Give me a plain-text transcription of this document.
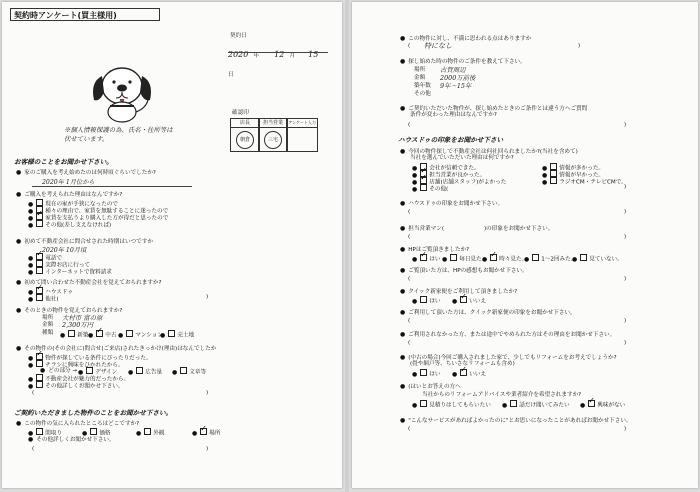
契約時アンケート(買主様用)
契約日
2020 年 12 月 15 日
※個人情報保護の為、氏名・住所等は伏せています。
確認印
店長
朝倉
担当営業
三宅
アンケート入力
お客様のことをお聞かせ下さい。
● 家のご購入を考え始めたのは何時頃ぐらいでしたか?
2020年 1月位から
● ご購入を考えられた理由はなんですか?
● 現在の家が手狭になったので
● 種々の理由で、家賃を無駄することに迷ったので
✓● 家賃を支払うより購入した方が得だと思ったので
● その他(差し支えなければ)
● 初めて不動産会社に問合せされた時期はいつですか
2020年 10月頃
✓● 電話で
● 実際お店に行って
● インターネットで資料請求
● 初めて問い合わせた不動産会社を覚えておられますか?
✓● ハウスドゥ
● 他社(	)
● そのときの物件を覚えておられますか?
場所 大村市 富の原
金額 2,300万円
種類	● 新築 ✓	● 中古	● マンション	● 売土地
● その物件の(その会社に)問合せ(ご来店)されたきっかけ(理由)はなんでしたか
✓● 物件が探している条件にぴったりだった。
● チラシに興味をひかれたから。
● どの部分 →	● デザイン	● 広告量	● 文章等
● 不動産会社が魅力的だったから。
● その他詳しくお聞かせ下さい。
(	)
ご契約いただきました物件のことをお聞かせ下さい。
● この物件の気に入られたところはどこですか?
● 間取り	● 価格	● 外観 ✓	● 場所
● その他詳しくお聞かせ下さい。
(	)
● この物件に対し、不満に思われる点はありますか
( 特になし	)
● 探し始めた時の物件のご条件を教えて下さい。
場所 古賀周辺
金額 2000万前後
築年数 9年～15年
その他
● ご契約いただいた物件が、探し始めたときのご条件とは違う方へご質問
条件が変わった理由はなんですか?
(	)
ハウスドゥの印象をお聞かせ下さい
● 今回の物件探しで不動産会社は何社回られましたか?(当社を含めて)
当社を選んでいただいた理由は何ですか?
● 会社が信頼できた。	● 情報が多かった。
✓● 担当営業が良かった。	● 情報が早かった。
✓● 店舗(店舗スタッフ)がよかった	● ラジオCM・テレビCMで。
● その他(	)
● ハウスドゥの印象をお聞かせ下さい。
(	)
● 担当営業マン(	)の印象をお聞かせ下さい。
(	)
● HPはご覧頂きましたか?
✓● はい	● 毎日見た。 ✓	● 時々見た。	● 1～2回みた。	● 見ていない。
● ご覧頂いた方は、HPの感想もお聞かせ下さい。
(	)
● クイック新家便をご利用して頂きましたか?
● はい ✓	● いいえ
● ご利用して頂いた方は、クイック新家便の印象をお聞かせ下さい。
(	)
● ご利用されなかった方、または途中でやめられた方はその理由をお聞かせ下さい。
(	)
● (中古の場合)今回ご購入されました家で、少しでもリフォームをお考えでしょうか?
(畳や網戸等、ちいさなリフォームも含め)
● はい ✓	● いいえ
● (はいとお答えの方へ
当社からのリフォームアドバイスや業者紹介を希望されますか?
● 見積りはしてもらいたい	● 話だけ聞いてみたい ✓	● 興味がない
● "こんなサービスがあればよかったのに"とお思いになったことがあればお聞かせ下さい。
(	)
